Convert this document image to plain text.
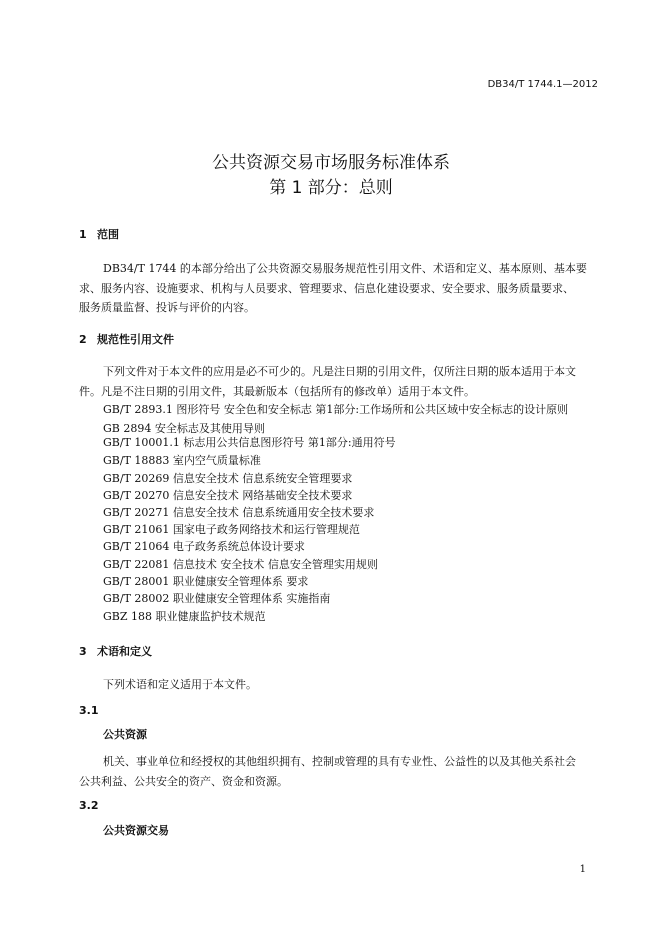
DB34/T 1744.1—2012
公共资源交易市场服务标准体系
第 1 部分：总则
1 范围
DB34/T 1744 的本部分给出了公共资源交易服务规范性引用文件、术语和定义、基本原则、基本要
求、服务内容、设施要求、机构与人员要求、管理要求、信息化建设要求、安全要求、服务质量要求、
服务质量监督、投诉与评价的内容。
2 规范性引用文件
下列文件对于本文件的应用是必不可少的。凡是注日期的引用文件，仅所注日期的版本适用于本文
件。凡是不注日期的引用文件，其最新版本（包括所有的修改单）适用于本文件。
GB/T 2893.1 图形符号 安全色和安全标志 第1部分:工作场所和公共区域中安全标志的设计原则
GB 2894 安全标志及其使用导则
GB/T 10001.1 标志用公共信息图形符号 第1部分:通用符号
GB/T 18883 室内空气质量标准
GB/T 20269 信息安全技术 信息系统安全管理要求
GB/T 20270 信息安全技术 网络基础安全技术要求
GB/T 20271 信息安全技术 信息系统通用安全技术要求
GB/T 21061 国家电子政务网络技术和运行管理规范
GB/T 21064 电子政务系统总体设计要求
GB/T 22081 信息技术 安全技术 信息安全管理实用规则
GB/T 28001 职业健康安全管理体系 要求
GB/T 28002 职业健康安全管理体系 实施指南
GBZ 188 职业健康监护技术规范
3 术语和定义
下列术语和定义适用于本文件。
3.1
公共资源
机关、事业单位和经授权的其他组织拥有、控制或管理的具有专业性、公益性的以及其他关系社会
公共利益、公共安全的资产、资金和资源。
3.2
公共资源交易
1
